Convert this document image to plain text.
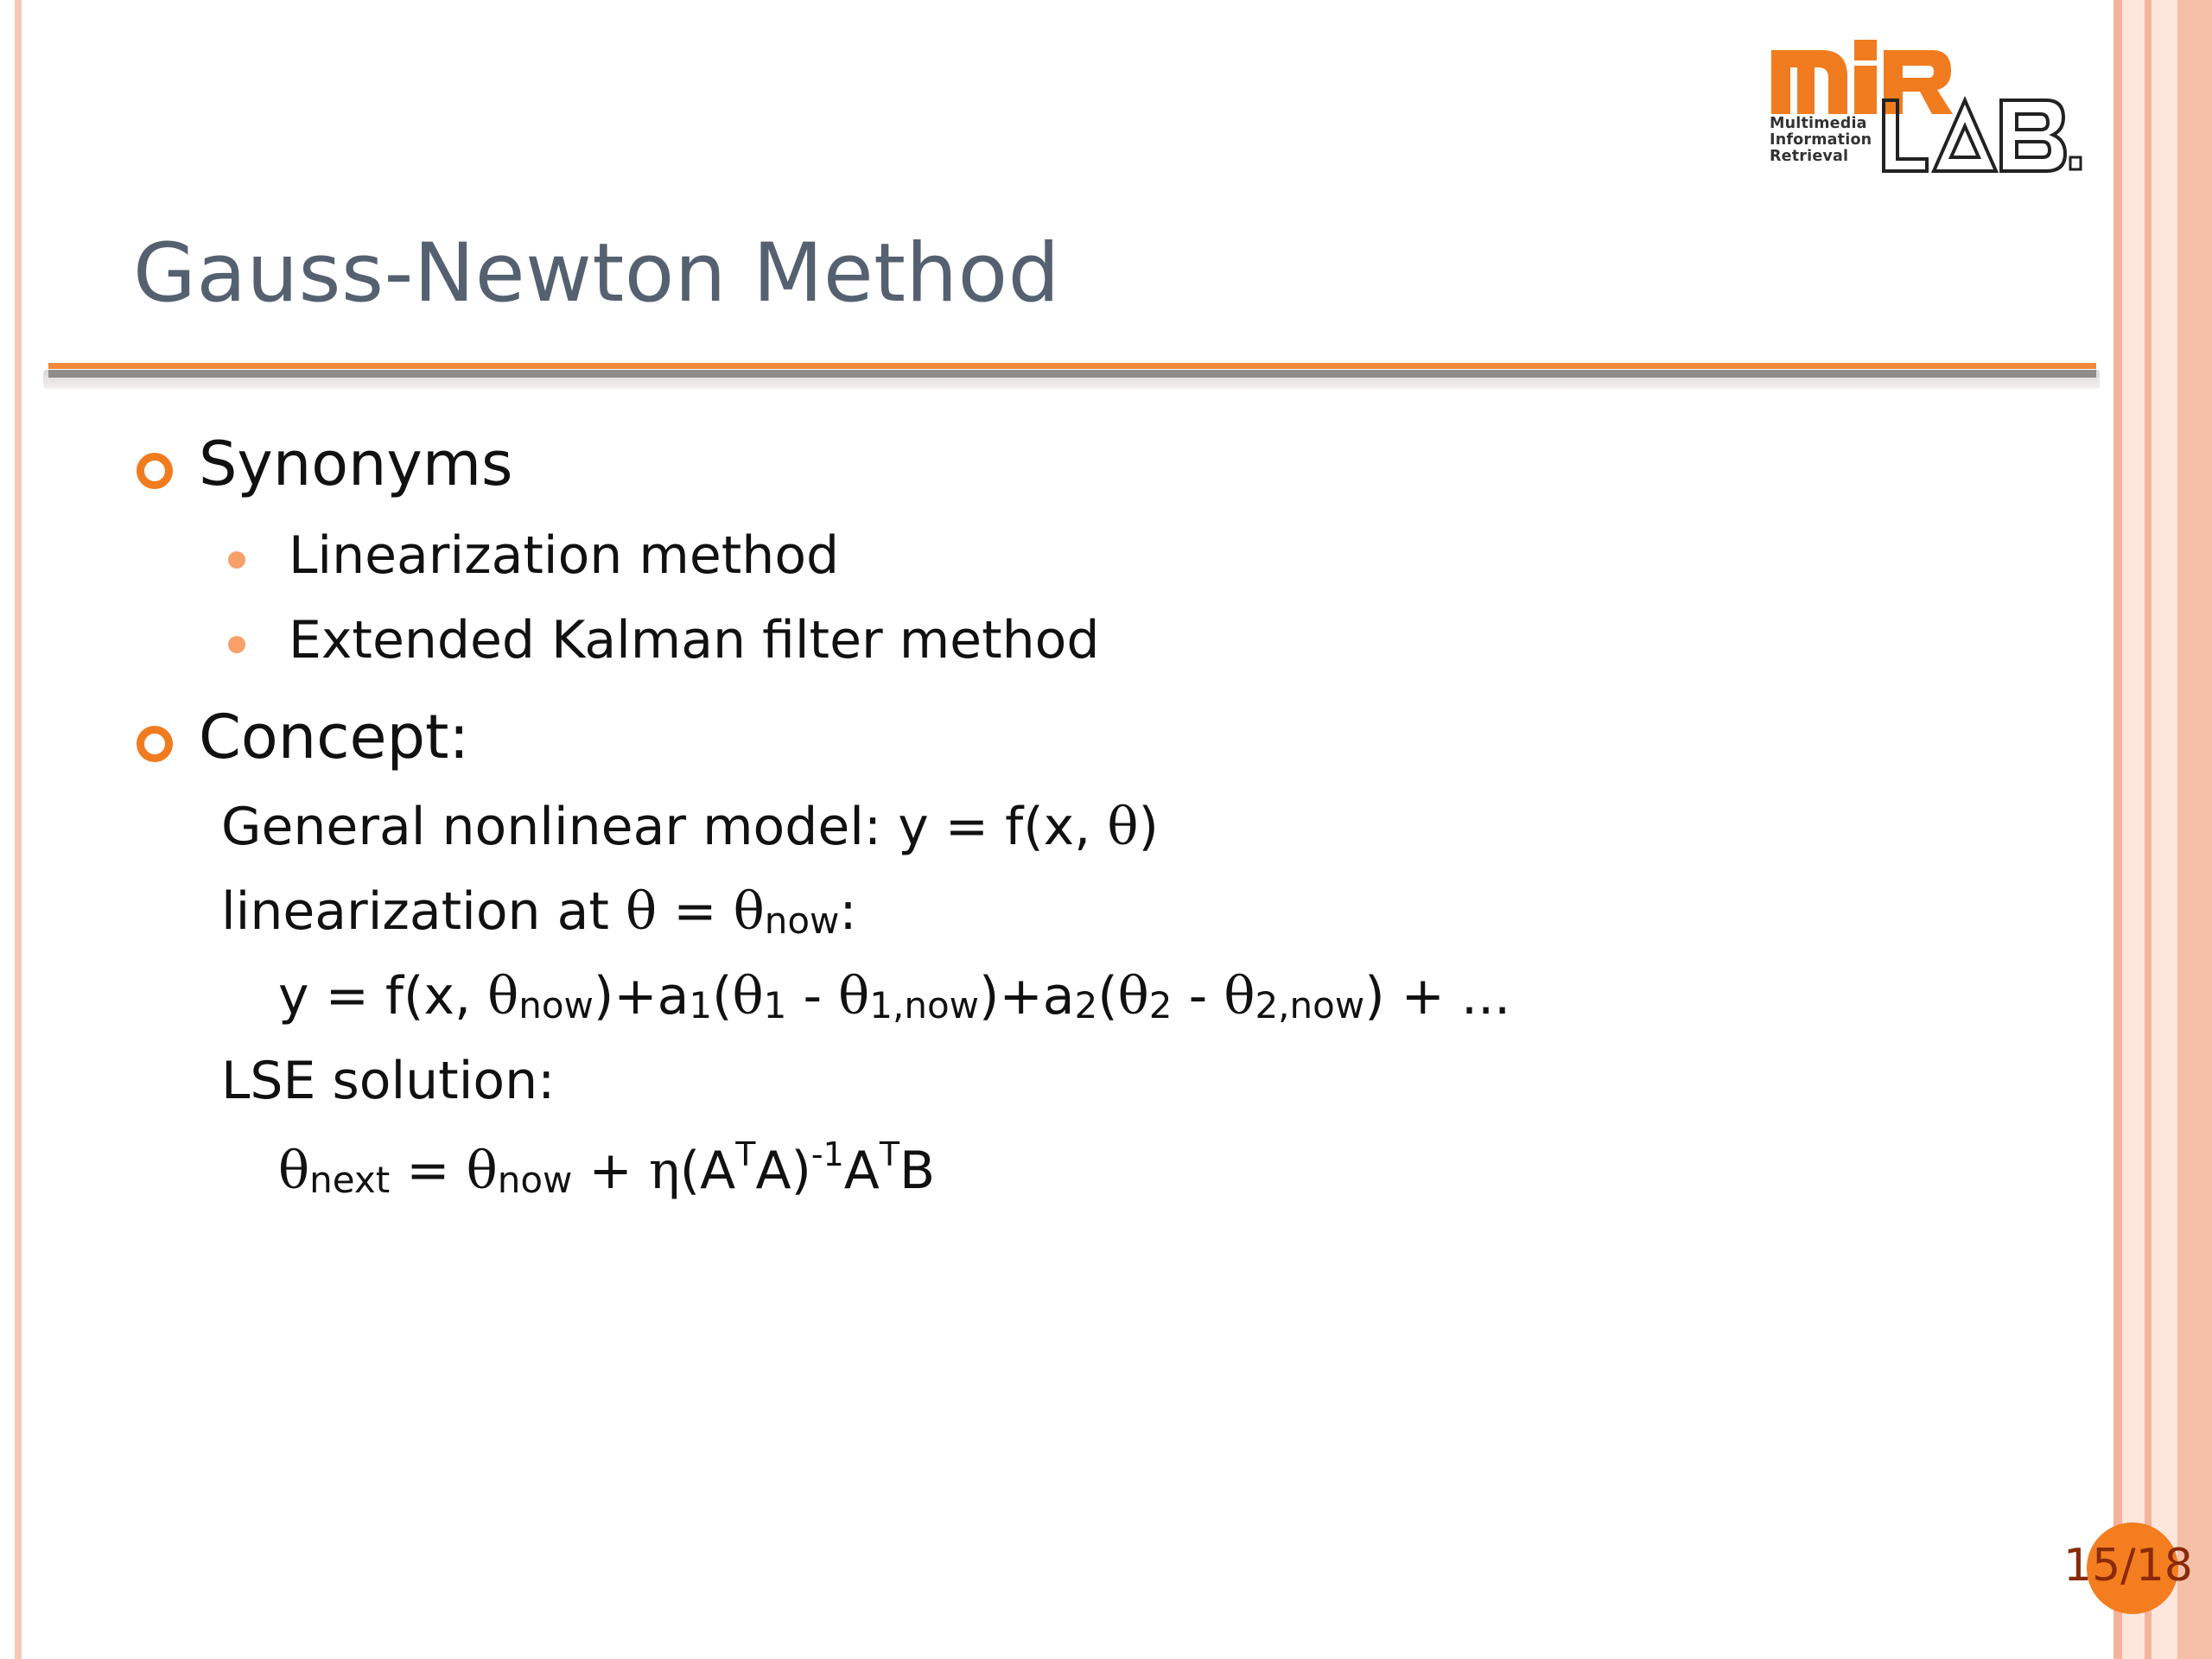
Multimedia
Information
Retrieval
Gauss-Newton Method
Synonyms
Linearization method
Extended Kalman filter method
Concept:
General nonlinear model: y = f(x, θ)
linearization at θ = θnow:
y = f(x, θnow)+a1(θ1 - θ1,now)+a2(θ2 - θ2,now) + ...
LSE solution:
θnext = $\theta now + \eta(A^TA)^{-1}A^TB$
15/18
